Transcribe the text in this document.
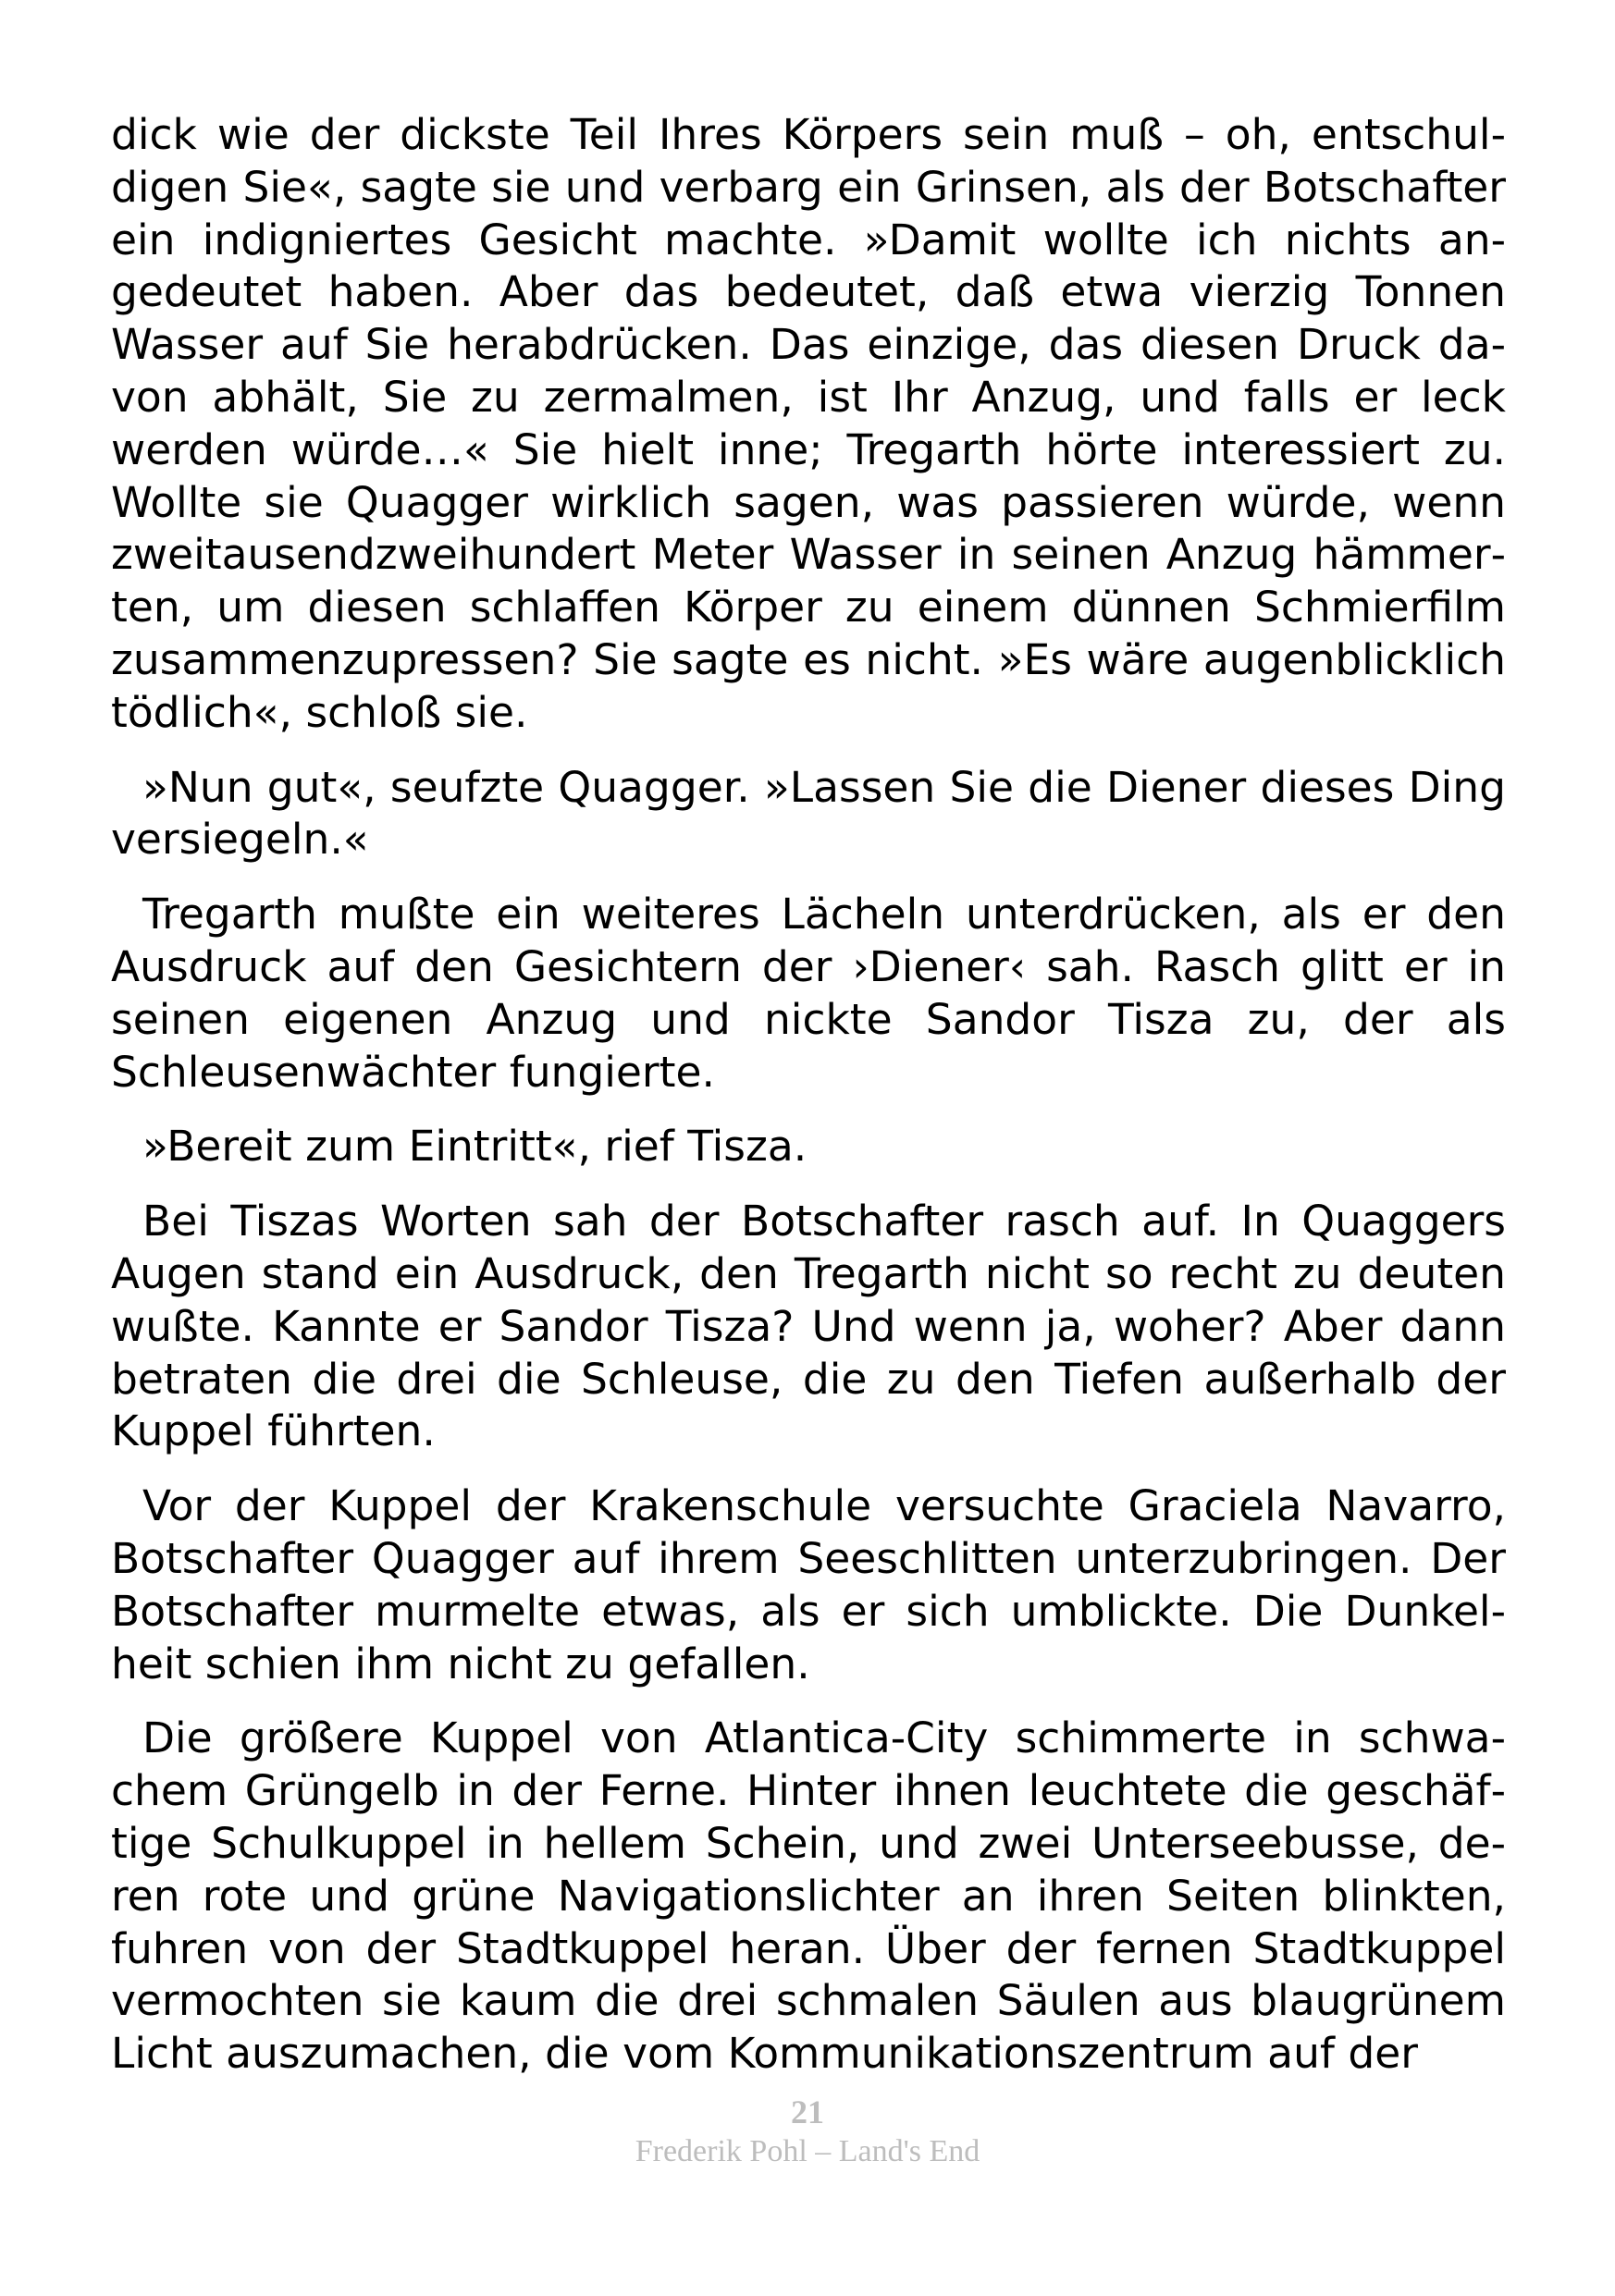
dick wie der dickste Teil Ihres Körpers sein muß – oh, entschuldigen Sie«, sagte sie und verbarg ein Grinsen, als der Botschafter ein indigniertes Gesicht machte. »Damit wollte ich nichts angedeutet haben. Aber das bedeutet, daß etwa vierzig Tonnen Wasser auf Sie herabdrücken. Das einzige, das diesen Druck davon abhält, Sie zu zermalmen, ist Ihr Anzug, und falls er leck werden würde…« Sie hielt inne; Tregarth hörte interessiert zu. Wollte sie Quagger wirklich sagen, was passieren würde, wenn zweitausendzweihundert Meter Wasser in seinen Anzug hämmerten, um diesen schlaffen Körper zu einem dünnen Schmierfilm zusammenzupressen? Sie sagte es nicht. »Es wäre augenblicklich tödlich«, schloß sie.

»Nun gut«, seufzte Quagger. »Lassen Sie die Diener dieses Ding versiegeln.«

Tregarth mußte ein weiteres Lächeln unterdrücken, als er den Ausdruck auf den Gesichtern der ›Diener‹ sah. Rasch glitt er in seinen eigenen Anzug und nickte Sandor Tisza zu, der als Schleusenwächter fungierte.

»Bereit zum Eintritt«, rief Tisza.

Bei Tiszas Worten sah der Botschafter rasch auf. In Quaggers Augen stand ein Ausdruck, den Tregarth nicht so recht zu deuten wußte. Kannte er Sandor Tisza? Und wenn ja, woher? Aber dann betraten die drei die Schleuse, die zu den Tiefen außerhalb der Kuppel führten.

Vor der Kuppel der Krakenschule versuchte Graciela Navarro, Botschafter Quagger auf ihrem Seeschlitten unterzubringen. Der Botschafter murmelte etwas, als er sich umblickte. Die Dunkelheit schien ihm nicht zu gefallen.

Die größere Kuppel von Atlantica-City schimmerte in schwachem Grüngelb in der Ferne. Hinter ihnen leuchtete die geschäftige Schulkuppel in hellem Schein, und zwei Unterseebusse, deren rote und grüne Navigationslichter an ihren Seiten blinkten, fuhren von der Stadtkuppel heran. Über der fernen Stadtkuppel vermochten sie kaum die drei schmalen Säulen aus blaugrünem Licht auszumachen, die vom Kommunikationszentrum auf der

21
Frederik Pohl – Land's End
